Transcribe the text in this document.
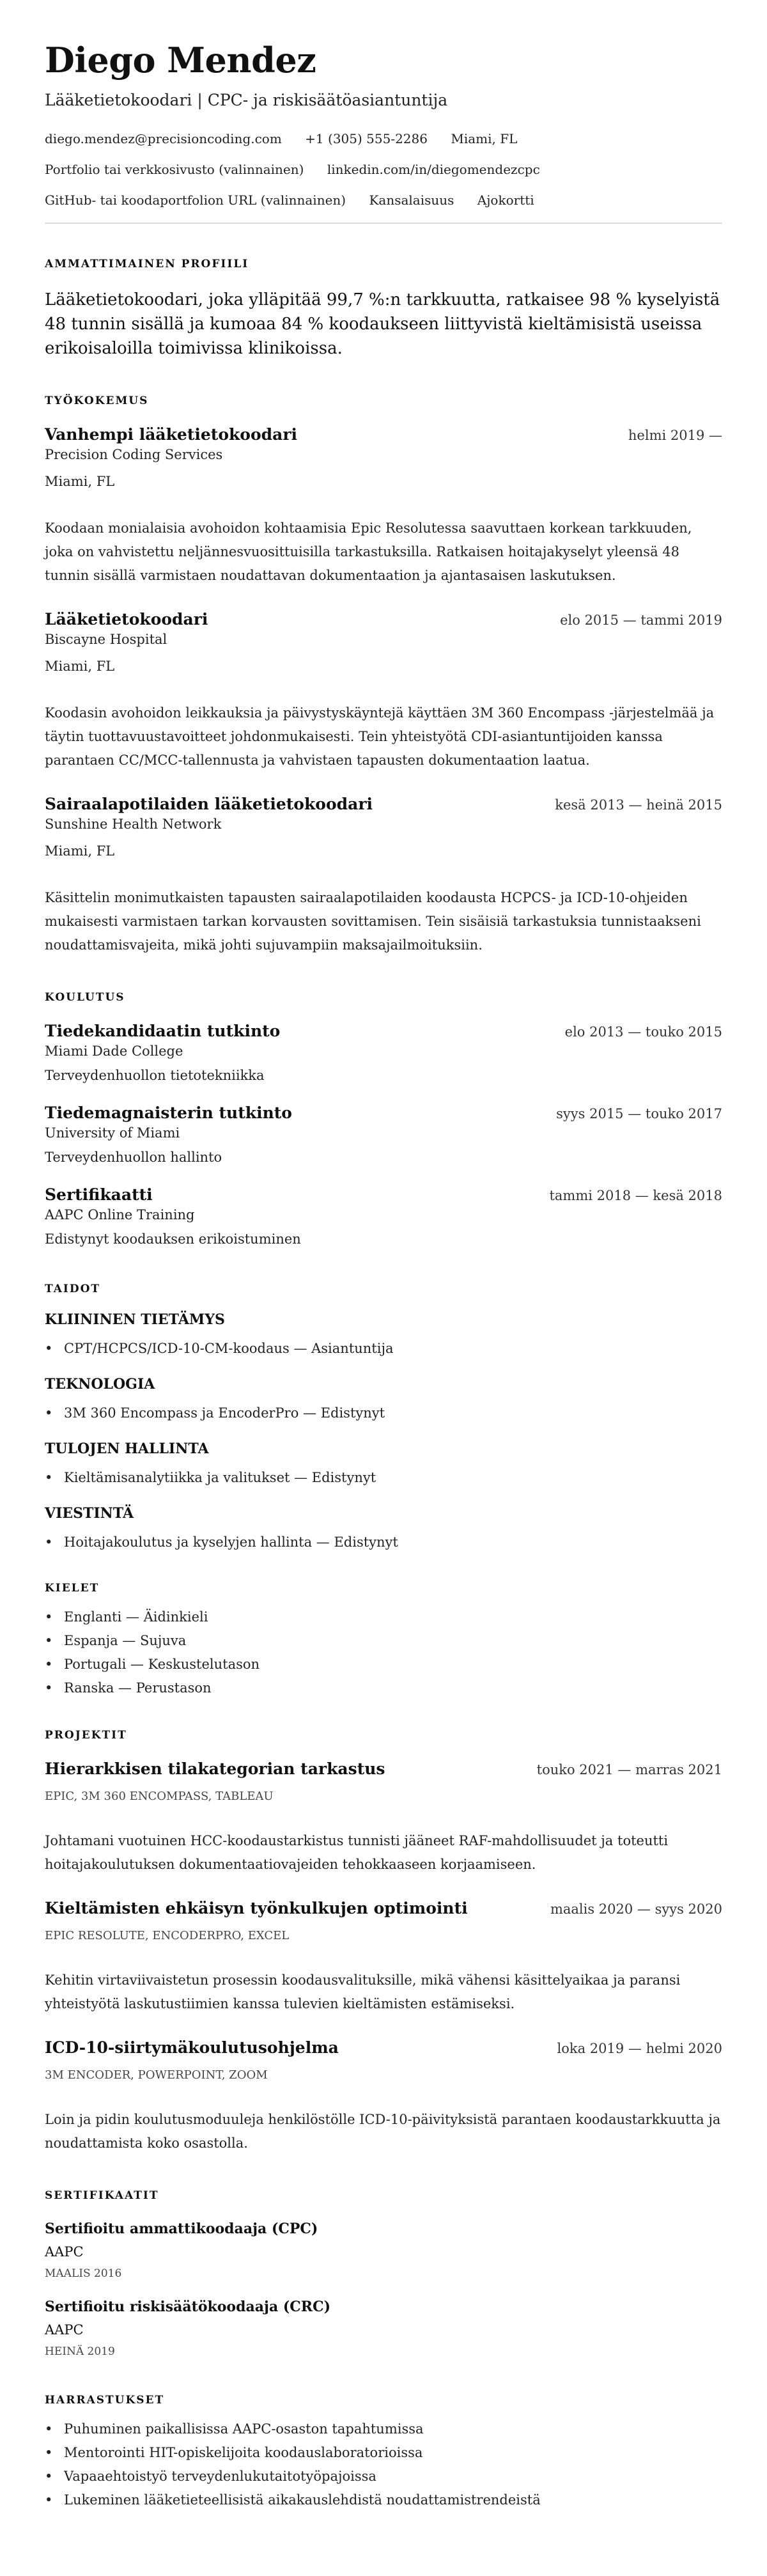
Diego Mendez
Lääketietokoodari | CPC- ja riskisäätöasiantuntija
diego.mendez@precisioncoding.com +1 (305) 555-2286 Miami, FL
Portfolio tai verkkosivusto (valinnainen) linkedin.com/in/diegomendezcpc
GitHub- tai koodaportfolion URL (valinnainen) Kansalaisuus Ajokortti
AMMATTIMAINEN PROFIILI

Lääketietokoodari, joka ylläpitää 99,7 %:n tarkkuutta, ratkaisee 98 % kyselyistä 48 tunnin sisällä ja kumoaa 84 % koodaukseen liittyvistä kieltämisistä useissa erikoisaloilla toimivissa klinikoissa.

TYÖKOKEMUS
Vanhempi lääketietokoodari	helmi 2019 —
Precision Coding Services
Miami, FL

Koodaan monialaisia avohoidon kohtaamisia Epic Resolutessa saavuttaen korkean tarkkuuden, joka on vahvistettu neljännesvuosittuisilla tarkastuksilla. Ratkaisen hoitajakyselyt yleensä 48 tunnin sisällä varmistaen noudattavan dokumentaation ja ajantasaisen laskutuksen.

Lääketietokoodari	elo 2015 — tammi 2019
Biscayne Hospital
Miami, FL

Koodasin avohoidon leikkauksia ja päivystyskäyntejä käyttäen 3M 360 Encompass -järjestelmää ja täytin tuottavuustavoitteet johdonmukaisesti. Tein yhteistyötä CDI-asiantuntijoiden kanssa parantaen CC/MCC-tallennusta ja vahvistaen tapausten dokumentaation laatua.

Sairaalapotilaiden lääketietokoodari	kesä 2013 — heinä 2015
Sunshine Health Network
Miami, FL

Käsittelin monimutkaisten tapausten sairaalapotilaiden koodausta HCPCS- ja ICD-10-ohjeiden mukaisesti varmistaen tarkan korvausten sovittamisen. Tein sisäisiä tarkastuksia tunnistaakseni noudattamisvajeita, mikä johti sujuvampiin maksajailmoituksiin.

KOULUTUS
Tiedekandidaatin tutkinto	elo 2013 — touko 2015
Miami Dade College
Terveydenhuollon tietotekniikka
Tiedemagnaisterin tutkinto	syys 2015 — touko 2017
University of Miami
Terveydenhuollon hallinto
Sertifikaatti	tammi 2018 — kesä 2018
AAPC Online Training
Edistynyt koodauksen erikoistuminen
TAIDOT
KLIININEN TIETÄMYS
• CPT/HCPCS/ICD-10-CM-koodaus — Asiantuntija
TEKNOLOGIA
• 3M 360 Encompass ja EncoderPro — Edistynyt
TULOJEN HALLINTA
• Kieltämisanalytiikka ja valitukset — Edistynyt
VIESTINTÄ
• Hoitajakoulutus ja kyselyjen hallinta — Edistynyt
KIELET
• Englanti — Äidinkieli
• Espanja — Sujuva
• Portugali — Keskustelutason
• Ranska — Perustason
PROJEKTIT
Hierarkkisen tilakategorian tarkastus	touko 2021 — marras 2021
EPIC, 3M 360 ENCOMPASS, TABLEAU

Johtamani vuotuinen HCC-koodaustarkistus tunnisti jääneet RAF-mahdollisuudet ja toteutti hoitajakoulutuksen dokumentaatiovajeiden tehokkaaseen korjaamiseen.

Kieltämisten ehkäisyn työnkulkujen optimointi	maalis 2020 — syys 2020
EPIC RESOLUTE, ENCODERPRO, EXCEL

Kehitin virtaviivaistetun prosessin koodausvalituksille, mikä vähensi käsittelyaikaa ja paransi yhteistyötä laskutustiimien kanssa tulevien kieltämisten estämiseksi.

ICD-10-siirtymäkoulutusohjelma	loka 2019 — helmi 2020
3M ENCODER, POWERPOINT, ZOOM

Loin ja pidin koulutusmoduuleja henkilöstölle ICD-10-päivityksistä parantaen koodaustarkkuutta ja noudattamista koko osastolla.

SERTIFIKAATIT
Sertifioitu ammattikoodaaja (CPC)
AAPC
MAALIS 2016
Sertifioitu riskisäätökoodaaja (CRC)
AAPC
HEINÄ 2019
HARRASTUKSET
• Puhuminen paikallisissa AAPC-osaston tapahtumissa
• Mentorointi HIT-opiskelijoita koodauslaboratorioissa
• Vapaaehtoistyö terveydenlukutaitotyöpajoissa
• Lukeminen lääketieteellisistä aikakauslehdistä noudattamistrendeistä
